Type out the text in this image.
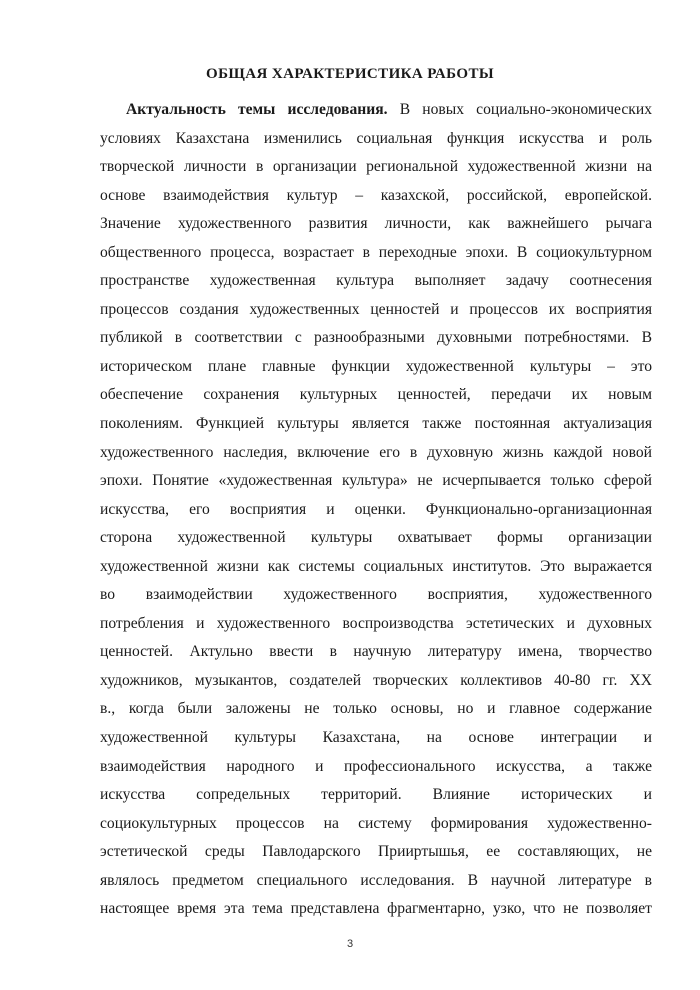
ОБЩАЯ ХАРАКТЕРИСТИКА РАБОТЫ
Актуальность темы исследования. В новых социально-экономических
условиях Казахстана изменились социальная функция искусства и роль
творческой личности в организации региональной художественной жизни на
основе взаимодействия культур – казахской, российской, европейской.
Значение художественного развития личности, как важнейшего рычага
общественного процесса, возрастает в переходные эпохи. В социокультурном
пространстве художественная культура выполняет задачу соотнесения
процессов создания художественных ценностей и процессов их восприятия
публикой в соответствии с разнообразными духовными потребностями. В
историческом плане главные функции художественной культуры – это
обеспечение сохранения культурных ценностей, передачи их новым
поколениям. Функцией культуры является также постоянная актуализация
художественного наследия, включение его в духовную жизнь каждой новой
эпохи. Понятие «художественная культура» не исчерпывается только сферой
искусства, его восприятия и оценки. Функционально-организационная
сторона художественной культуры охватывает формы организации
художественной жизни как системы социальных институтов. Это выражается
во взаимодействии художественного восприятия, художественного
потребления и художественного воспроизводства эстетических и духовных
ценностей. Актульно ввести в научную литературу имена, творчество
художников, музыкантов, создателей творческих коллективов 40-80 гг. XX
в., когда были заложены не только основы, но и главное содержание
художественной культуры Казахстана, на основе интеграции и
взаимодействия народного и профессионального искусства, а также
искусства сопредельных территорий. Влияние исторических и
социокультурных процессов на систему формирования художественно-
эстетической среды Павлодарского Прииртышья, ее составляющих, не
являлось предметом специального исследования. В научной литературе в
настоящее время эта тема представлена фрагментарно, узко, что не позволяет
3
